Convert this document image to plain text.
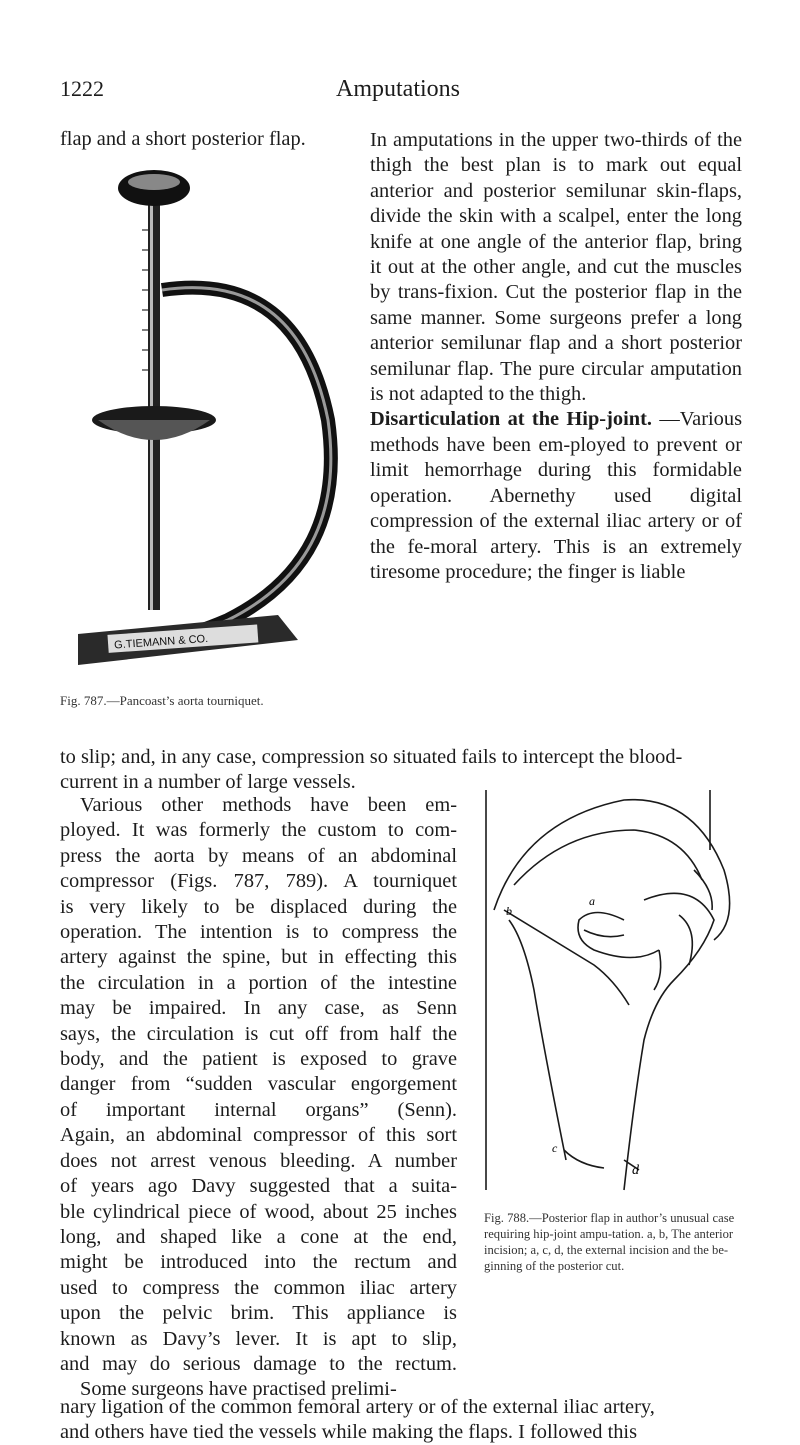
1222	Amputations
flap and a short posterior flap.
G.TIEMANN & CO.
Fig. 787.—Pancoast’s aorta tourniquet.

In amputations in the upper two-thirds of the thigh the best plan is to mark out equal anterior and posterior semilunar skin-flaps, divide the skin with a scalpel, enter the long knife at one angle of the anterior flap, bring it out at the other angle, and cut the muscles by trans-fixion. Cut the posterior flap in the same manner. Some surgeons prefer a long anterior semilunar flap and a short posterior semilunar flap. The pure circular amputation is not adapted to the thigh.

Disarticulation at the Hip-joint. —Various methods have been em-ployed to prevent or limit hemorrhage during this formidable operation. Abernethy used digital compression of the external iliac artery or of the fe-moral artery. This is an extremely tiresome procedure; the finger is liable

to slip; and, in any case, compression so situated fails to intercept the blood-
current in a number of large vessels.
Various other methods have been em-
ployed. It was formerly the custom to com-
press the aorta by means of an abdominal
compressor (Figs. 787, 789). A tourniquet
is very likely to be displaced during the
operation. The intention is to compress the
artery against the spine, but in effecting this
the circulation in a portion of the intestine
may be impaired. In any case, as Senn
says, the circulation is cut off from half the
body, and the patient is exposed to grave
danger from “sudden vascular engorgement
of important internal organs” (Senn).
Again, an abdominal compressor of this sort
does not arrest venous bleeding. A number
of years ago Davy suggested that a suita-
ble cylindrical piece of wood, about 25 inches
long, and shaped like a cone at the end,
might be introduced into the rectum and
used to compress the common iliac artery
upon the pelvic brim. This appliance is
known as Davy’s lever. It is apt to slip,
and may do serious damage to the rectum.
Some surgeons have practised prelimi-
a
b
c
d
Fig. 788.—Posterior flap in author’s unusual case requiring hip-joint ampu-tation. a, b, The anterior incision; a, c, d, the external incision and the be-ginning of the posterior cut.
nary ligation of the common femoral artery or of the external iliac artery,
and others have tied the vessels while making the flaps. I followed this
